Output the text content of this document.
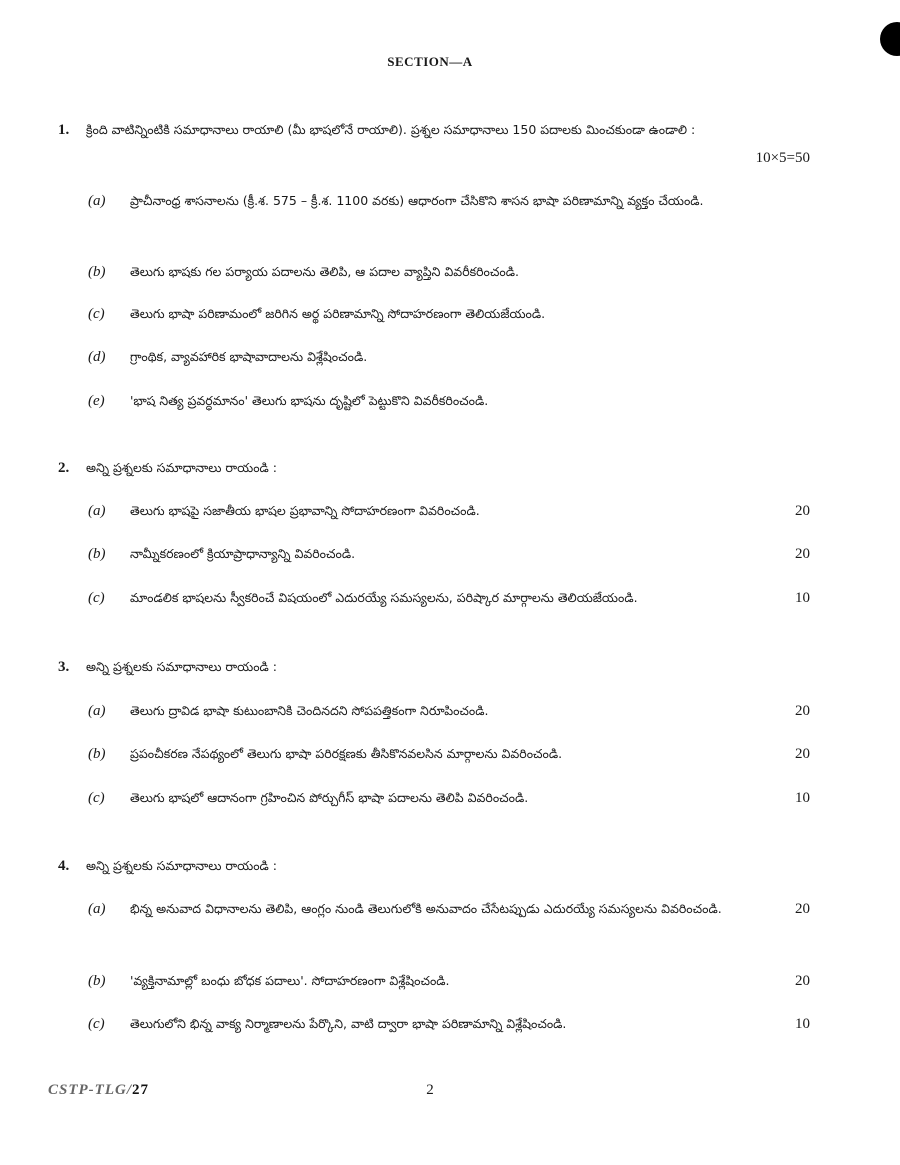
SECTION—A
1. క్రింది వాటిన్నింటికి సమాధానాలు రాయాలి (మీ భాషలోనే రాయాలి). ప్రశ్నల సమాధానాలు 150 పదాలకు మించకుండా ఉండాలి :
10×5=50
(a) ప్రాచీనాంధ్ర శాసనాలను (క్రీ.శ. 575 – క్రీ.శ. 1100 వరకు) ఆధారంగా చేసికొని శాసన భాషా పరిణామాన్ని వ్యక్తం చేయండి.
(b) తెలుగు భాషకు గల పర్యాయ పదాలను తెలిపి, ఆ పదాల వ్యాప్తిని వివరీకరించండి.
(c) తెలుగు భాషా పరిణామంలో జరిగిన అర్థ పరిణామాన్ని సోదాహరణంగా తెలియజేయండి.
(d) గ్రాంథిక, వ్యావహారిక భాషావాదాలను విశ్లేషించండి.
(e) 'భాష నిత్య ప్రవర్ధమానం' తెలుగు భాషను దృష్టిలో పెట్టుకొని వివరీకరించండి.
2. అన్ని ప్రశ్నలకు సమాధానాలు రాయండి :
(a) తెలుగు భాషపై సజాతీయ భాషల ప్రభావాన్ని సోదాహరణంగా వివరించండి.	20
(b) నామ్నీకరణంలో క్రియాప్రాధాన్యాన్ని వివరించండి.	20
(c) మాండలిక భాషలను స్వీకరించే విషయంలో ఎదురయ్యే సమస్యలను, పరిష్కార మార్గాలను తెలియజేయండి.	10
3. అన్ని ప్రశ్నలకు సమాధానాలు రాయండి :
(a) తెలుగు ద్రావిడ భాషా కుటుంబానికి చెందినదని సోపపత్తికంగా నిరూపించండి.	20
(b) ప్రపంచీకరణ నేపథ్యంలో తెలుగు భాషా పరిరక్షణకు తీసికొనవలసిన మార్గాలను వివరించండి.	20
(c) తెలుగు భాషలో ఆదానంగా గ్రహించిన పోర్చుగీస్ భాషా పదాలను తెలిపి వివరించండి.	10
4. అన్ని ప్రశ్నలకు సమాధానాలు రాయండి :
(a) భిన్న అనువాద విధానాలను తెలిపి, ఆంగ్లం నుండి తెలుగులోకి అనువాదం చేసేటప్పుడు ఎదురయ్యే సమస్యలను వివరించండి.	20
(b) 'వ్యక్తినామాల్లో బంధు బోధక పదాలు'. సోదాహరణంగా విశ్లేషించండి.	20
(c) తెలుగులోని భిన్న వాక్య నిర్మాణాలను పేర్కొని, వాటి ద్వారా భాషా పరిణామాన్ని విశ్లేషించండి.	10
CSTP-TLG/27	2
